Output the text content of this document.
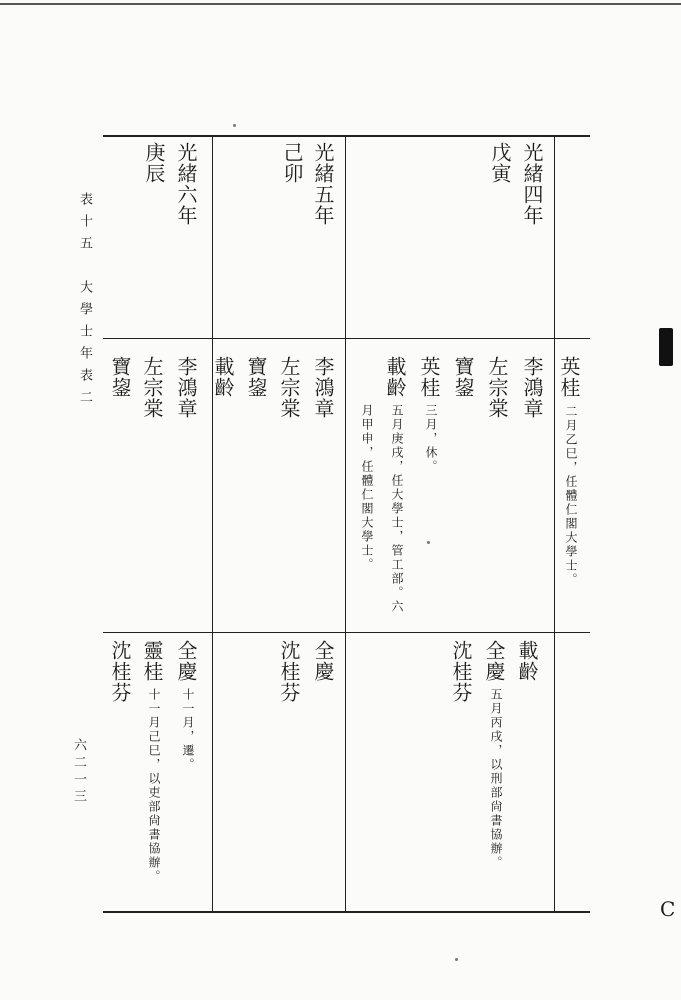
表十五　大學士年表二
光緒四年
戊寅
光緒五年
己卯
光緒六年
庚辰
英桂
二月乙巳，任體仁閣大學士。
李鴻章
左宗棠
寶鋆
英桂
三月，休。
載齡
五月庚戌，任大學士，管工部。六
月甲申，任體仁閣大學士。
李鴻章
左宗棠
寶鋆
載齡
李鴻章
左宗棠
寶鋆
載齡
全慶
五月丙戌，以刑部尙書協辦。
沈桂芬
全慶
沈桂芬
全慶
十一月，遷。
靈桂
十一月己巳，以吏部尙書協辦。
沈桂芬
六二一三
C
